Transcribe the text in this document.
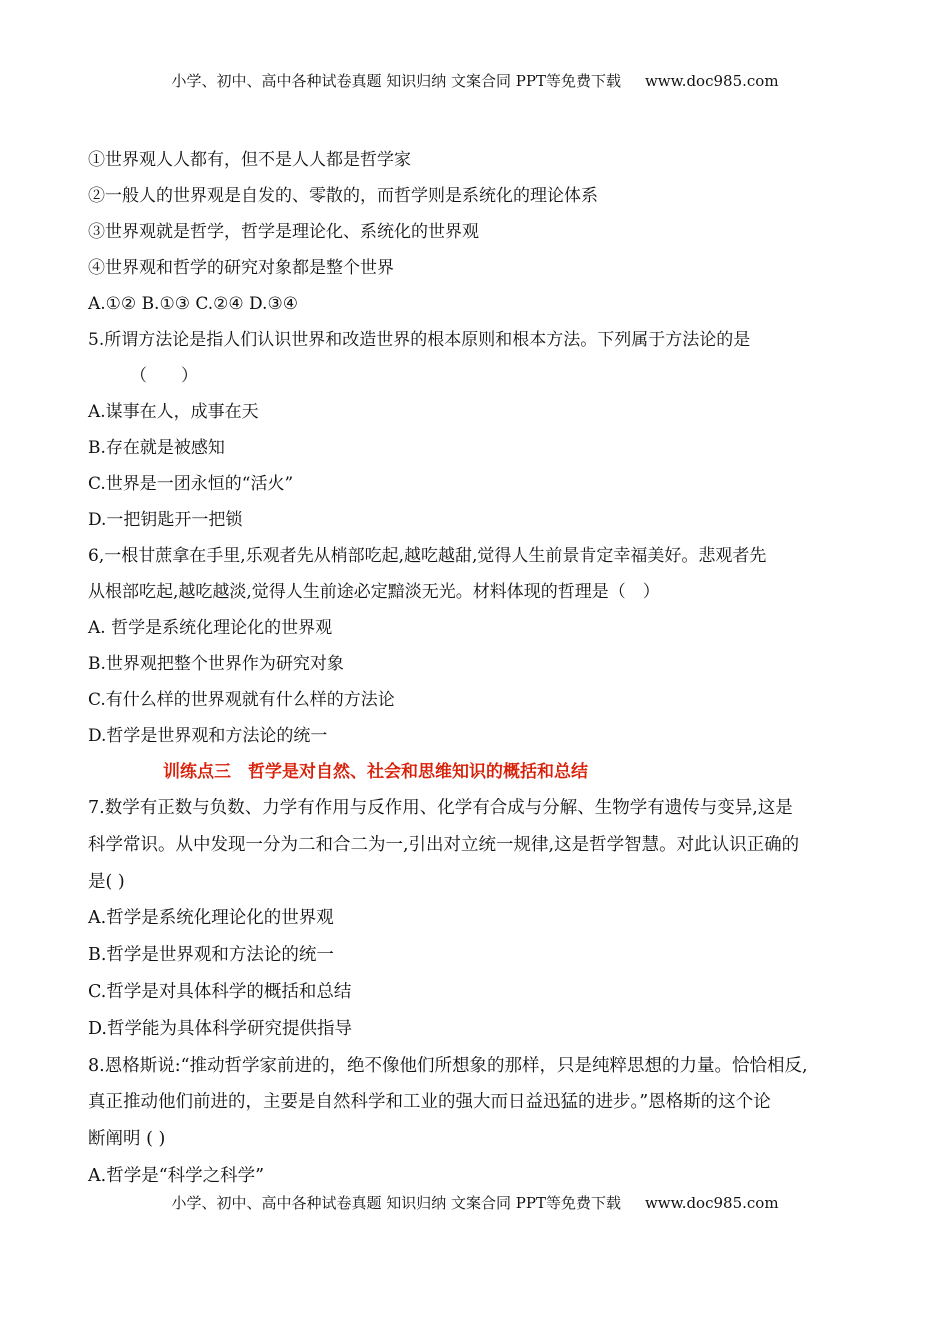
小学、初中、高中各种试卷真题 知识归纳 文案合同 PPT等免费下载 www.doc985.com
①世界观人人都有，但不是人人都是哲学家
②一般人的世界观是自发的、零散的，而哲学则是系统化的理论体系
③世界观就是哲学，哲学是理论化、系统化的世界观
④世界观和哲学的研究对象都是整个世界
A.①② B.①③ C.②④ D.③④
5.所谓方法论是指人们认识世界和改造世界的根本原则和根本方法。下列属于方法论的是
（　　）
A.谋事在人，成事在天
B.存在就是被感知
C.世界是一团永恒的“活火”
D.一把钥匙开一把锁
6,一根甘蔗拿在手里,乐观者先从梢部吃起,越吃越甜,觉得人生前景肯定幸福美好。悲观者先
从根部吃起,越吃越淡,觉得人生前途必定黯淡无光。材料体现的哲理是（　）
A. 哲学是系统化理论化的世界观
B.世界观把整个世界作为研究对象
C.有什么样的世界观就有什么样的方法论
D.哲学是世界观和方法论的统一
训练点三　哲学是对自然、社会和思维知识的概括和总结
7.数学有正数与负数、力学有作用与反作用、化学有合成与分解、生物学有遗传与变异,这是
科学常识。从中发现一分为二和合二为一,引出对立统一规律,这是哲学智慧。对此认识正确的
是( )
A.哲学是系统化理论化的世界观
B.哲学是世界观和方法论的统一
C.哲学是对具体科学的概括和总结
D.哲学能为具体科学研究提供指导
8.恩格斯说:“推动哲学家前进的，绝不像他们所想象的那样，只是纯粹思想的力量。恰恰相反,
真正推动他们前进的，主要是自然科学和工业的强大而日益迅猛的进步。”恩格斯的这个论
断阐明 ( )
A.哲学是“科学之科学”
小学、初中、高中各种试卷真题 知识归纳 文案合同 PPT等免费下载 www.doc985.com
